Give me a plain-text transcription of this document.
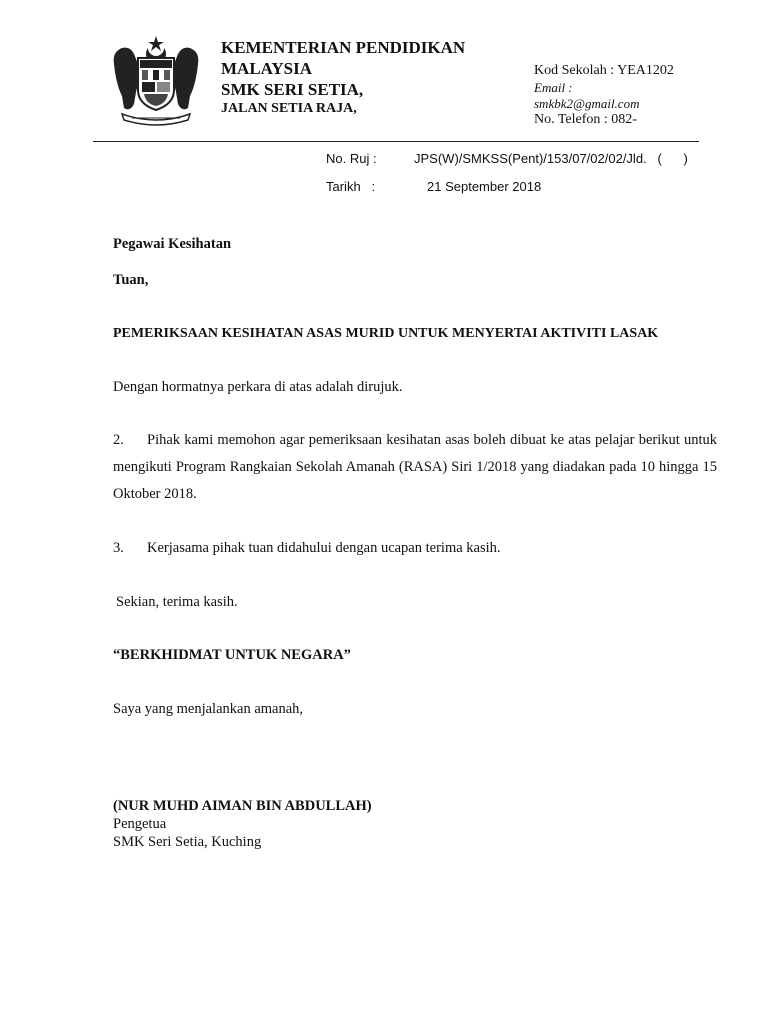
KEMENTERIAN PENDIDIKAN
MALAYSIA
SMK SERI SETIA,
JALAN SETIA RAJA,
Kod Sekolah : YEA1202
Email :
smkbk2@gmail.com
No. Telefon : 082-
No. Ruj :	JPS(W)/SMKSS(Pent)/153/07/02/02/Jld.   (      )
Tarikh   :	21 September 2018
Pegawai Kesihatan
Tuan,
PEMERIKSAAN KESIHATAN ASAS MURID UNTUK MENYERTAI AKTIVITI LASAK
Dengan hormatnya perkara di atas adalah dirujuk.
2. Pihak kami memohon agar pemeriksaan kesihatan asas boleh dibuat ke atas pelajar berikut untuk mengikuti Program Rangkaian Sekolah Amanah (RASA) Siri 1/2018 yang diadakan pada 10 hingga 15 Oktober 2018.
3. Kerjasama pihak tuan didahului dengan ucapan terima kasih.
Sekian, terima kasih.
“BERKHIDMAT UNTUK NEGARA”
Saya yang menjalankan amanah,
(NUR MUHD AIMAN BIN ABDULLAH)
Pengetua
SMK Seri Setia, Kuching
